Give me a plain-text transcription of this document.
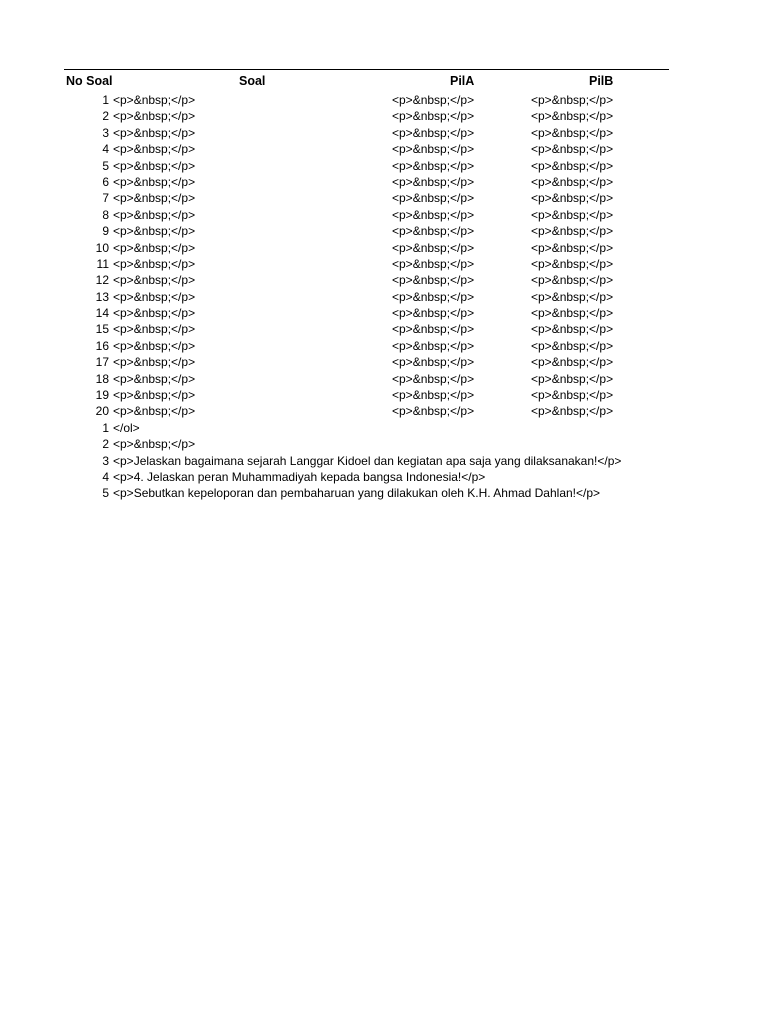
No Soal	Soal	PilA	PilB
1 <p>&nbsp;</p>	<p>&nbsp;</p>	<p>&nbsp;</p>
2 <p>&nbsp;</p>	<p>&nbsp;</p>	<p>&nbsp;</p>
3 <p>&nbsp;</p>	<p>&nbsp;</p>	<p>&nbsp;</p>
4 <p>&nbsp;</p>	<p>&nbsp;</p>	<p>&nbsp;</p>
5 <p>&nbsp;</p>	<p>&nbsp;</p>	<p>&nbsp;</p>
6 <p>&nbsp;</p>	<p>&nbsp;</p>	<p>&nbsp;</p>
7 <p>&nbsp;</p>	<p>&nbsp;</p>	<p>&nbsp;</p>
8 <p>&nbsp;</p>	<p>&nbsp;</p>	<p>&nbsp;</p>
9 <p>&nbsp;</p>	<p>&nbsp;</p>	<p>&nbsp;</p>
10 <p>&nbsp;</p>	<p>&nbsp;</p>	<p>&nbsp;</p>
11 <p>&nbsp;</p>	<p>&nbsp;</p>	<p>&nbsp;</p>
12 <p>&nbsp;</p>	<p>&nbsp;</p>	<p>&nbsp;</p>
13 <p>&nbsp;</p>	<p>&nbsp;</p>	<p>&nbsp;</p>
14 <p>&nbsp;</p>	<p>&nbsp;</p>	<p>&nbsp;</p>
15 <p>&nbsp;</p>	<p>&nbsp;</p>	<p>&nbsp;</p>
16 <p>&nbsp;</p>	<p>&nbsp;</p>	<p>&nbsp;</p>
17 <p>&nbsp;</p>	<p>&nbsp;</p>	<p>&nbsp;</p>
18 <p>&nbsp;</p>	<p>&nbsp;</p>	<p>&nbsp;</p>
19 <p>&nbsp;</p>	<p>&nbsp;</p>	<p>&nbsp;</p>
20 <p>&nbsp;</p>	<p>&nbsp;</p>	<p>&nbsp;</p>
1 </ol>
2 <p>&nbsp;</p>
3 <p>Jelaskan bagaimana sejarah Langgar Kidoel dan kegiatan apa saja yang dilaksanakan!</p>
4 <p>4. Jelaskan peran Muhammadiyah kepada bangsa Indonesia!</p>
5 <p>Sebutkan kepeloporan dan pembaharuan yang dilakukan oleh K.H. Ahmad Dahlan!</p>
